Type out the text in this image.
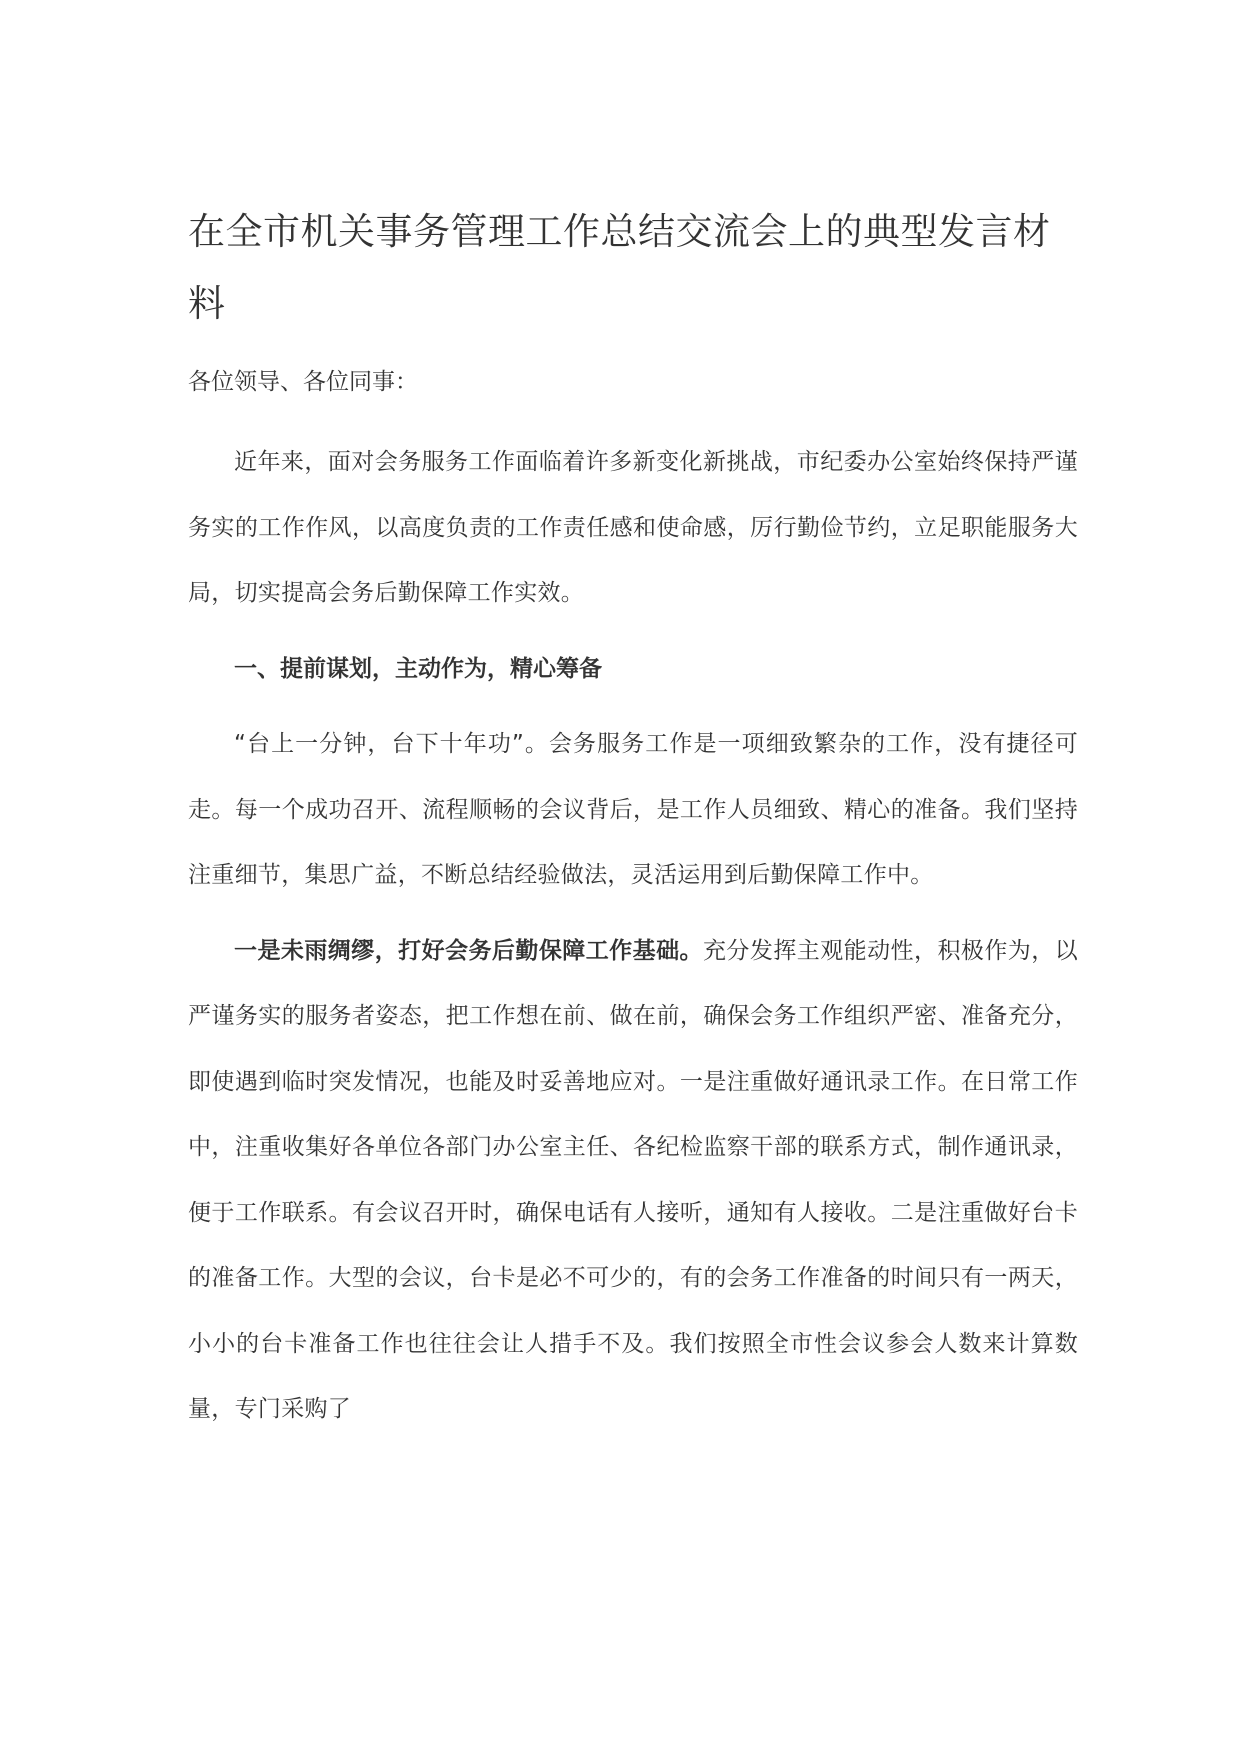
在全市机关事务管理工作总结交流会上的典型发言材料
各位领导、各位同事：

近年来，面对会务服务工作面临着许多新变化新挑战，市纪委办公室始终保持严谨务实的工作作风，以高度负责的工作责任感和使命感，厉行勤俭节约，立足职能服务大局，切实提高会务后勤保障工作实效。

一、提前谋划，主动作为，精心筹备

“台上一分钟，台下十年功”。会务服务工作是一项细致繁杂的工作，没有捷径可走。每一个成功召开、流程顺畅的会议背后，是工作人员细致、精心的准备。我们坚持注重细节，集思广益，不断总结经验做法，灵活运用到后勤保障工作中。

一是未雨绸缪，打好会务后勤保障工作基础。充分发挥主观能动性，积极作为，以严谨务实的服务者姿态，把工作想在前、做在前，确保会务工作组织严密、准备充分，即使遇到临时突发情况，也能及时妥善地应对。一是注重做好通讯录工作。在日常工作中，注重收集好各单位各部门办公室主任、各纪检监察干部的联系方式，制作通讯录，便于工作联系。有会议召开时，确保电话有人接听，通知有人接收。二是注重做好台卡的准备工作。大型的会议，台卡是必不可少的，有的会务工作准备的时间只有一两天，小小的台卡准备工作也往往会让人措手不及。我们按照全市性会议参会人数来计算数量，专门采购了
